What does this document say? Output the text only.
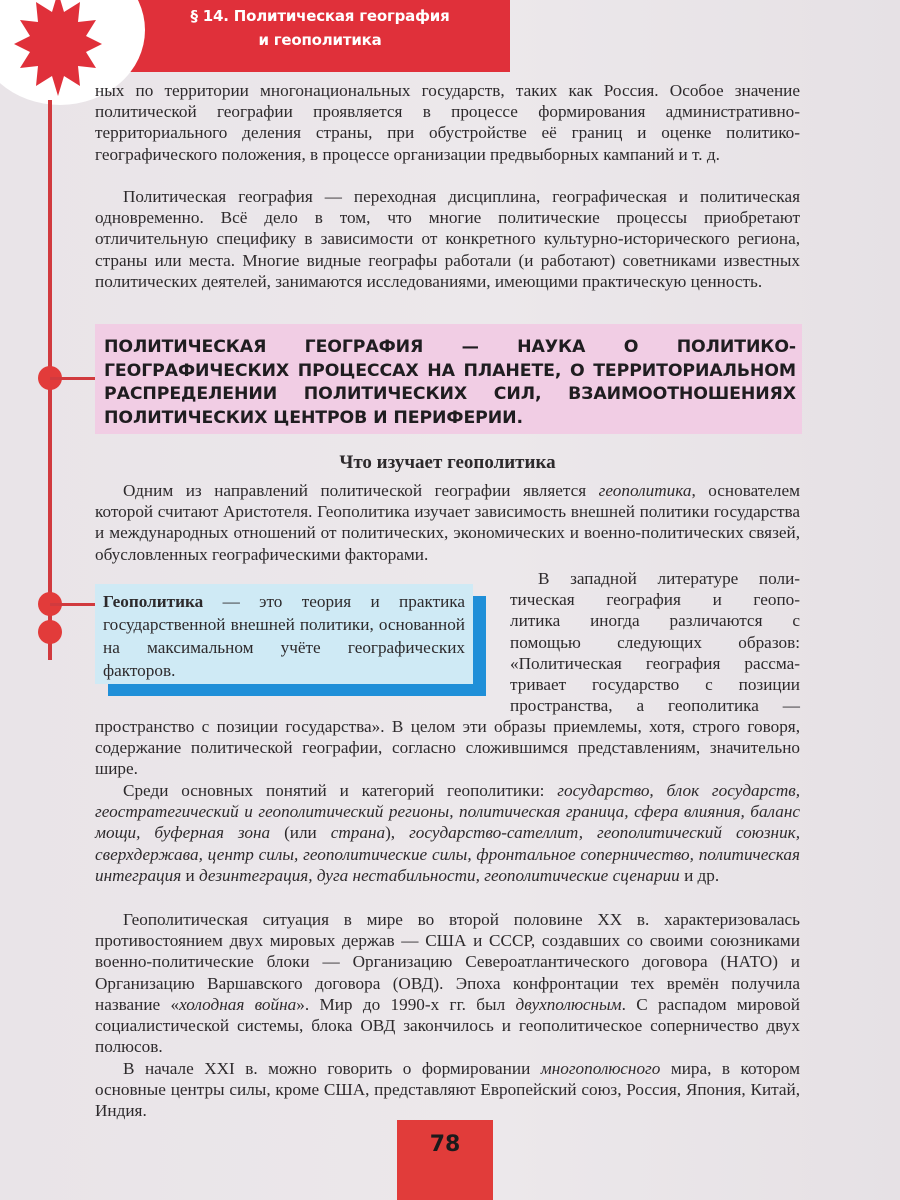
§ 14. Политическая география
и геополитика

ных по территории многонациональных государств, таких как Россия. Особое значение политической географии проявляется в процессе формирования административно-территориального деления страны, при обустройстве её границ и оценке политико-географического положения, в процессе организации предвыборных кампаний и т. д.

Политическая география — переходная дисциплина, географическая и политическая одновременно. Всё дело в том, что многие политические процессы приобретают отличительную специфику в зависимости от конкретного культурно-исторического региона, страны или места. Многие видные географы работали (и работают) советниками известных политических деятелей, занимаются исследованиями, имеющими практическую ценность.

ПОЛИТИЧЕСКАЯ ГЕОГРАФИЯ — НАУКА О ПОЛИТИКО-ГЕОГРАФИЧЕСКИХ ПРОЦЕССАХ НА ПЛАНЕТЕ, О ТЕРРИТОРИАЛЬНОМ РАСПРЕДЕЛЕНИИ ПОЛИТИЧЕСКИХ СИЛ, ВЗАИМООТНОШЕНИЯХ ПОЛИТИЧЕСКИХ ЦЕНТРОВ И ПЕРИФЕРИИ.
Что изучает геополитика

Одним из направлений политической географии является геополитика, основателем которой считают Аристотеля. Геополитика изучает зависимость внешней политики государства и международных отношений от политических, экономических и военно-политических связей, обусловленных географическими факторами.

Геополитика — это теория и практика государственной внешней политики, основанной на максимальном учёте географических факторов.
В западной литературе поли-
тическая география и геопо-
литика иногда различаются с
помощью следующих образов:
«Политическая география рассма-
тривает государство с позиции
пространства, а геополитика —

пространство с позиции государства». В целом эти образы приемлемы, хотя, строго говоря, содержание политической географии, согласно сложившимся представлениям, значительно шире.

Среди основных понятий и категорий геополитики: государство, блок государств, геостратегический и геополитический регионы, политическая граница, сфера влияния, баланс мощи, буферная зона (или страна), государство-сателлит, геополитический союзник, сверхдержава, центр силы, геополитические силы, фронтальное соперничество, политическая интеграция и дезинтеграция, дуга нестабильности, геополитические сценарии и др.

Геополитическая ситуация в мире во второй половине XX в. характеризовалась противостоянием двух мировых держав — США и СССР, создавших со своими союзниками военно-политические блоки — Организацию Североатлантического договора (НАТО) и Организацию Варшавского договора (ОВД). Эпоха конфронтации тех времён получила название «холодная война». Мир до 1990-х гг. был двухполюсным. С распадом мировой социалистической системы, блока ОВД закончилось и геополитическое соперничество двух полюсов.

В начале XXI в. можно говорить о формировании многополюсного мира, в котором основные центры силы, кроме США, представляют Европейский союз, Россия, Япония, Китай, Индия.

78
